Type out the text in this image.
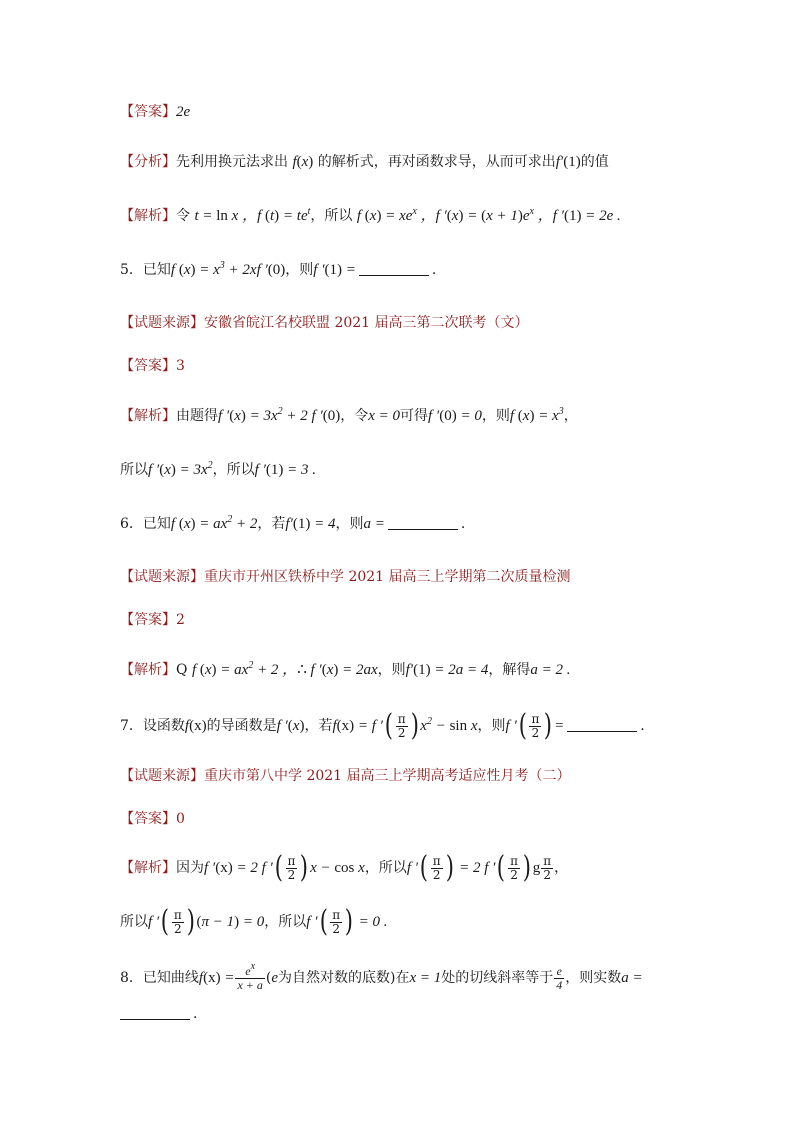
【答案】2e
【分析】先利用换元法求出 f(x) 的解析式，再对函数求导，从而可求出f′(1)的值
【解析】令 t = ln x ，f $(t) = te^t$，所以 f $(x) = xe^x$ ，f $'(x) = (x + 1)e^x$ ，f ′(1) = 2e .
5．已知f $(x) = x^3 + 2xf$ ′(0)，则f ′(1) =	.
【试题来源】安徽省皖江名校联盟 2021 届高三第二次联考（文）
【答案】3
【解析】由题得f $'(x) = 3x^2 + 2$ f ′(0)，令x = 0可得f ′(0) = 0，则f $(x) = x^3$，
所以f $'(x) = 3x^2$，所以f ′(1) = 3 .
6．已知f $(x) = ax^2 + 2$，若f′(1) = 4，则a =	.
【试题来源】重庆市开州区铁桥中学 2021 届高三上学期第二次质量检测
【答案】2
【解析】Q f $(x) = ax^2 + 2$ ，∴ f ′(x) = 2ax，则f′(1) = 2a = 4，解得a = 2 .
7．设函数f(x)的导函数是f ′(x)，若f(x) = f ′( $\frac{\pi}{2}$ ) $x^2 - \sin x$，则f ′( $\frac{\pi}{2}$ ) =	.
【试题来源】重庆市第八中学 2021 届高三上学期高考适应性月考（二）
【答案】0
【解析】因为f ′(x) = 2 f ′( $\frac{\pi}{2}$ ) x − cos x，所以f ′( $\frac{\pi}{2}$ ) = 2 f ′( $\frac{\pi}{2}$ ) g $\frac{\pi}{2}$ ，
所以f ′( $\frac{\pi}{2}$ ) (π − 1) = 0，所以f ′( $\frac{\pi}{2}$ ) = 0 .
8．已知曲线$f(x) = \frac{e^x}{x + a} (e$为自然对数的底数)在x = 1处的切线斜率等于 $\frac{e}{4}$ ，则实数a =
.
